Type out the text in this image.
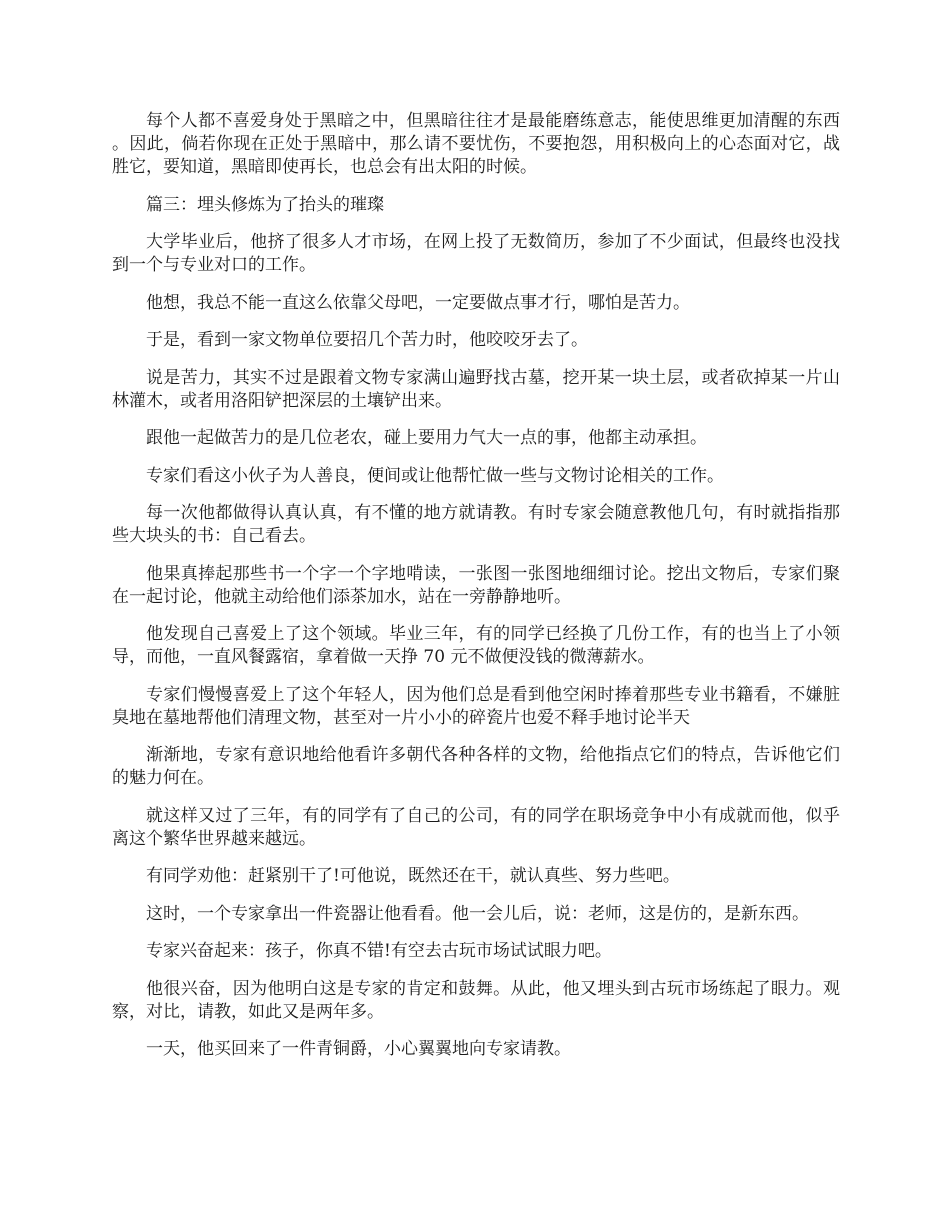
每个人都不喜爱身处于黑暗之中，但黑暗往往才是最能磨练意志，能使思维更加清醒的东西。因此，倘若你现在正处于黑暗中，那么请不要忧伤，不要抱怨，用积极向上的心态面对它，战胜它，要知道，黑暗即使再长，也总会有出太阳的时候。

篇三：埋头修炼为了抬头的璀璨

大学毕业后，他挤了很多人才市场，在网上投了无数简历，参加了不少面试，但最终也没找到一个与专业对口的工作。

他想，我总不能一直这么依靠父母吧，一定要做点事才行，哪怕是苦力。

于是，看到一家文物单位要招几个苦力时，他咬咬牙去了。

说是苦力，其实不过是跟着文物专家满山遍野找古墓，挖开某一块土层，或者砍掉某一片山林灌木，或者用洛阳铲把深层的土壤铲出来。

跟他一起做苦力的是几位老农，碰上要用力气大一点的事，他都主动承担。

专家们看这小伙子为人善良，便间或让他帮忙做一些与文物讨论相关的工作。

每一次他都做得认真认真，有不懂的地方就请教。有时专家会随意教他几句，有时就指指那些大块头的书：自己看去。

他果真捧起那些书一个字一个字地啃读，一张图一张图地细细讨论。挖出文物后，专家们聚在一起讨论，他就主动给他们添茶加水，站在一旁静静地听。

他发现自己喜爱上了这个领域。毕业三年，有的同学已经换了几份工作，有的也当上了小领导，而他，一直风餐露宿，拿着做一天挣 70 元不做便没钱的微薄薪水。

专家们慢慢喜爱上了这个年轻人，因为他们总是看到他空闲时捧着那些专业书籍看，不嫌脏臭地在墓地帮他们清理文物，甚至对一片小小的碎瓷片也爱不释手地讨论半天

渐渐地，专家有意识地给他看许多朝代各种各样的文物，给他指点它们的特点，告诉他它们的魅力何在。

就这样又过了三年，有的同学有了自己的公司，有的同学在职场竞争中小有成就而他，似乎离这个繁华世界越来越远。

有同学劝他：赶紧别干了!可他说，既然还在干，就认真些、努力些吧。

这时，一个专家拿出一件瓷器让他看看。他一会儿后，说：老师，这是仿的，是新东西。

专家兴奋起来：孩子，你真不错!有空去古玩市场试试眼力吧。

他很兴奋，因为他明白这是专家的肯定和鼓舞。从此，他又埋头到古玩市场练起了眼力。观察，对比，请教，如此又是两年多。

一天，他买回来了一件青铜爵，小心翼翼地向专家请教。
